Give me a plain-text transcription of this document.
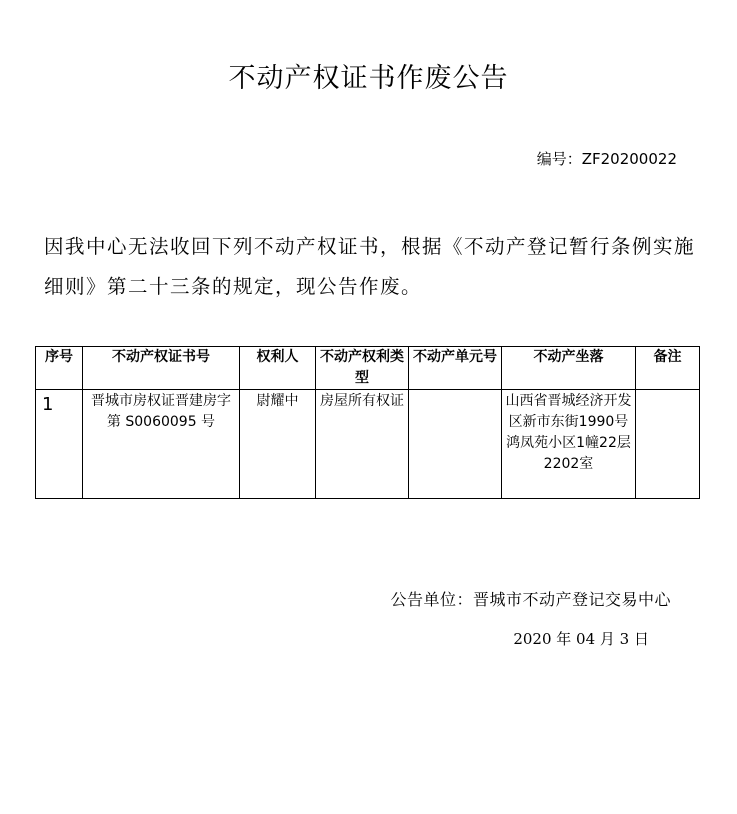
不动产权证书作废公告
编号：ZF20200022
因我中心无法收回下列不动产权证书，根据《不动产登记暂行条例实施细则》第二十三条的规定，现公告作废。
序号	不动产权证书号	权利人	不动产权利类型	不动产单元号	不动产坐落	备注
1	晋城市房权证晋建房字第 S0060095 号	尉耀中	房屋所有权证		山西省晋城经济开发区新市东街1990号鸿凤苑小区1幢22层2202室	
公告单位：晋城市不动产登记交易中心
2020 年 04 月 3 日
